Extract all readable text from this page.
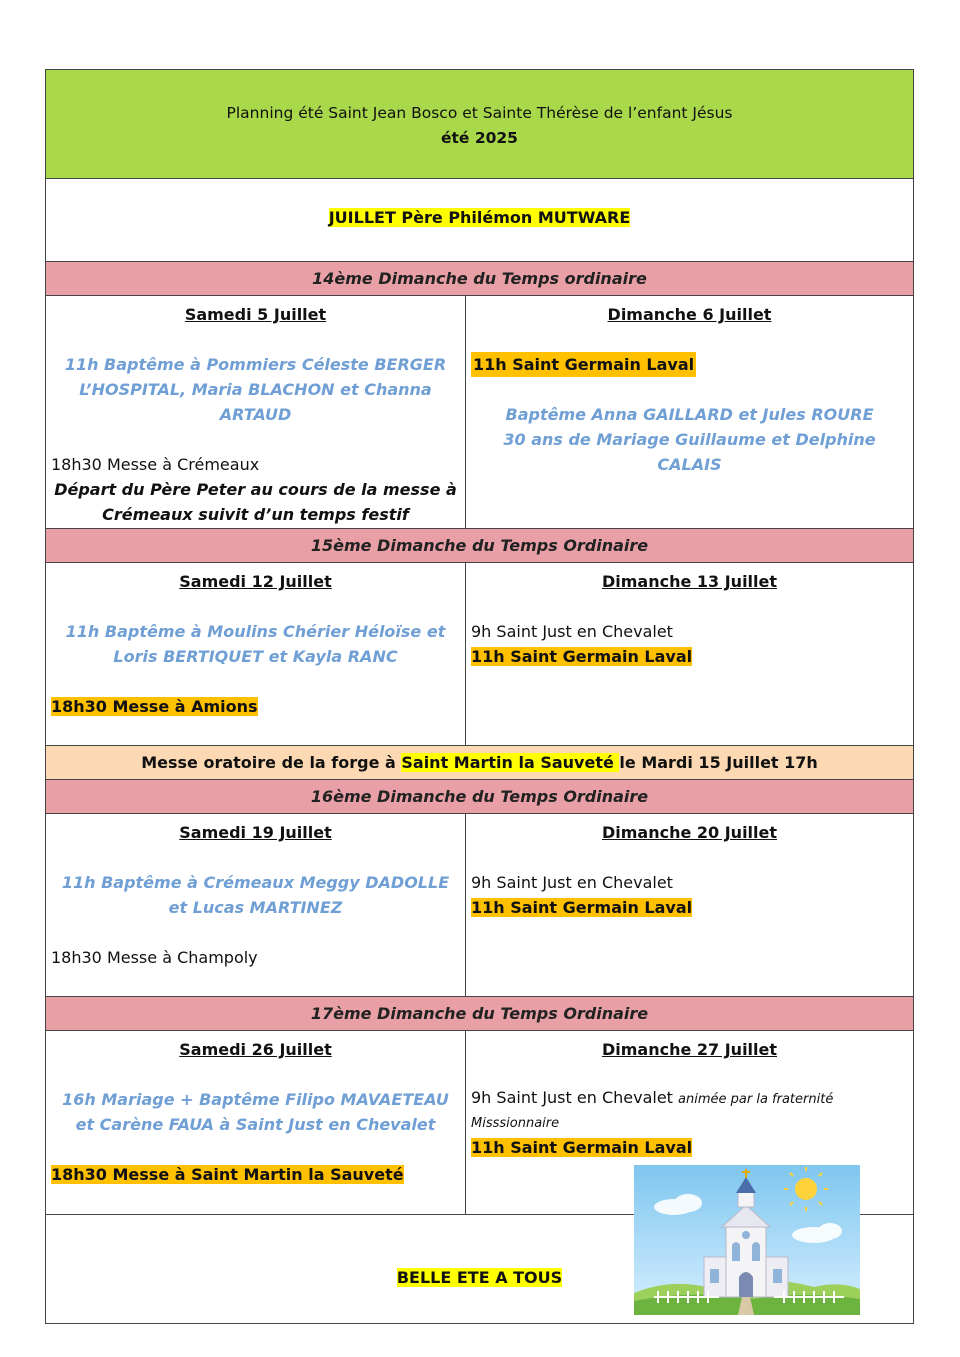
Planning été Saint Jean Bosco et Sainte Thérèse de l’enfant Jésus
été 2025
JUILLET Père Philémon MUTWARE
14ème Dimanche du Temps ordinaire
Samedi 5 Juillet
11h Baptême à Pommiers Céleste BERGER L’HOSPITAL, Maria BLACHON et Channa ARTAUD
18h30 Messe à Crémeaux
Départ du Père Peter au cours de la messe à Crémeaux suivit d’un temps festif
Dimanche 6 Juillet
11h Saint Germain Laval
Baptême Anna GAILLARD et Jules ROURE
30 ans de Mariage Guillaume et Delphine CALAIS
15ème Dimanche du Temps Ordinaire
Samedi 12 Juillet
11h Baptême à Moulins Chérier Héloïse et Loris BERTIQUET et Kayla RANC
18h30 Messe à Amions
Dimanche 13 Juillet
9h Saint Just en Chevalet
11h Saint Germain Laval
Messe oratoire de la forge à Saint Martin la Sauveté le Mardi 15 Juillet 17h
16ème Dimanche du Temps Ordinaire
Samedi 19 Juillet
11h Baptême à Crémeaux Meggy DADOLLE et Lucas MARTINEZ
18h30 Messe à Champoly
Dimanche 20 Juillet
9h Saint Just en Chevalet
11h Saint Germain Laval
17ème Dimanche du Temps Ordinaire
Samedi 26 Juillet
16h Mariage + Baptême Filipo MAVAETEAU et Carène FAUA à Saint Just en Chevalet
18h30 Messe à Saint Martin la Sauveté
Dimanche 27 Juillet
9h Saint Just en Chevalet animée par la fraternité Misssionnaire
11h Saint Germain Laval
BELLE ETE A TOUS
